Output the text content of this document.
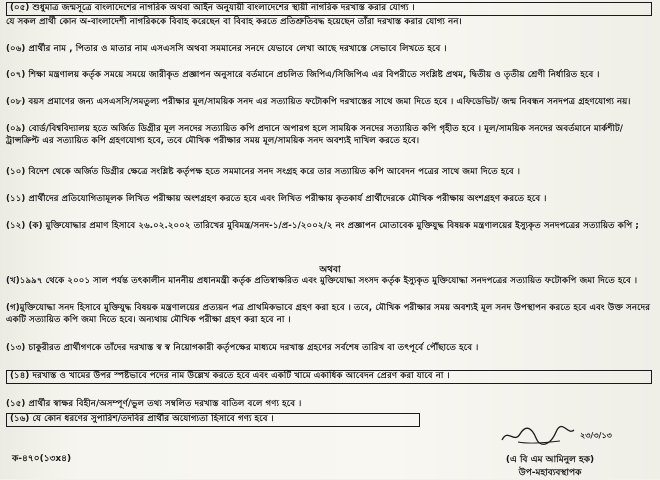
(০৫) শুধুমাত্র জন্মসূত্রে বাংলাদেশের নাগরিক অথবা আইন অনুযায়ী বাংলাদেশের স্থায়ী নাগরিক দরখাস্ত করার যোগ্য ।
যে সকল প্রার্থী কোন অ-বাংলাদেশী নাগরিককে বিবাহ করেছেন বা বিবাহ করতে প্রতিশ্রুতিবদ্ধ হয়েছেন তাঁরা দরখাস্ত করার যোগ্য নন।
(০৬) প্রার্থীর নাম , পিতার ও মাতার নাম এসএসসি অথবা সমমানের সনদে যেভাবে লেখা আছে দরখাস্তে সেভাবে লিখতে হবে ।
(০৭) শিক্ষা মন্ত্রণালয় কর্তৃক সময়ে সময়ে জারীকৃত প্রজ্ঞাপন অনুসারে বর্তমানে প্রচলিত জিপিএ/সিজিপিএ এর বিপরীতে সংশ্লিষ্ট প্রথম, দ্বিতীয় ও তৃতীয় শ্রেণী নির্ধারিত হবে ।
(০৮) বয়স প্রমাণের জন্য এসএসসি/সমতুল্য পরীক্ষার মূল/সাময়িক সনদ এর সত্যায়িত ফটোকপি দরখাস্তের সাথে জমা দিতে হবে । এফিডেভিট/ জন্ম নিবন্ধন সনদপত্র গ্রহণযোগ্য নয়।
(০৯) বোর্ড/বিশ্ববিদ্যালয় হতে অর্জিত ডিগ্রীর মূল সনদের সত্যায়িত কপি প্রদানে অপারগ হলে সাময়িক সনদের সত্যায়িত কপি গৃহীত হবে । মূল/সাময়িক সনদের অবর্তমানে মার্কশীট/ট্রান্সক্রিপ্ট এর সত্যায়িত কপি গ্রহণযোগ্য হবে, তবে মৌখিক পরীক্ষার সময় মূল/সাময়িক সনদ অবশ্যই দাখিল করতে হবে।
(১০) বিদেশ থেকে অর্জিত ডিগ্রীর ক্ষেত্রে সংশ্লিষ্ট কর্তৃপক্ষ হতে সমমানের সনদ সংগ্রহ করে তার সত্যায়িত কপি আবেদন পত্রের সাথে জমা দিতে হবে ।
(১১) প্রার্থীদের প্রতিযোগিতামূলক লিখিত পরীক্ষায় অংশগ্রহণ করতে হবে এবং লিখিত পরীক্ষায় কৃতকার্য প্রার্থীদেরকে মৌখিক পরীক্ষায় অংশগ্রহণ করতে হবে ।
(১২) (ক) মুক্তিযোদ্ধার প্রমাণ হিসাবে ২৬.০২.২০০২ তারিখের মুবিমন্ত্র/সনদ-১/প্র-১/২০০২/২ নং প্রজ্ঞাপন মোতাবেক মুক্তিযুদ্ধ বিষয়ক মন্ত্রণালয়ের ইস্যুকৃত সনদপত্রের সত্যায়িত কপি ;
অথবা
(খ)১৯৯৭ থেকে ২০০১ সাল পর্যন্ত তৎকালীন মাননীয় প্রধানমন্ত্রী কর্তৃক প্রতিস্বাক্ষরিত এবং মুক্তিযোদ্ধা সংসদ কর্তৃক ইস্যুকৃত মুক্তিযোদ্ধা সনদপত্রের সত্যায়িত ফটোকপি জমা দিতে হবে ।
(গ)মুক্তিযোদ্ধা সনদ হিসাবে মুক্তিযুদ্ধ বিষয়ক মন্ত্রণালয়ের প্রত্যয়ন পত্র প্রাথমিকভাবে গ্রহণ করা হবে । তবে, মৌখিক পরীক্ষার সময় অবশ্যই মূল সনদ উপস্থাপন করতে হবে এবং উক্ত সনদের একটি সত্যায়িত কপি জমা দিতে হবে। অন্যথায় মৌখিক পরীক্ষা গ্রহণ করা হবে না ।
(১৩) চাকুরীরত প্রার্থীগণকে তাঁদের দরখাস্ত স্ব স্ব নিয়োগকারী কর্তৃপক্ষের মাধ্যমে দরখাস্ত গ্রহণের সর্বশেষ তারিখ বা তৎপূর্বে পৌঁছাতে হবে ।
(১৪) দরখাস্ত ও খামের উপর স্পষ্টভাবে পদের নাম উল্লেখ করতে হবে এবং একটি খামে একাধিক আবেদন প্রেরণ করা যাবে না ।
(১৫) প্রার্থীর স্বাক্ষর বিহীন/অসম্পূর্ণ/ভুল তথ্য সম্বলিত দরখাস্ত বাতিল বলে গণ্য হবে ।
(১৬) যে কোন ধরণের সুপারিশ/তদবির প্রার্থীর অযোগ্যতা হিসাবে গণ্য হবে ।
ক-৪৭০(১৩x৪)
২৩/৩/১৩
(এ বি এম আমিনুল হক)
উপ-মহাব্যবস্থাপক
